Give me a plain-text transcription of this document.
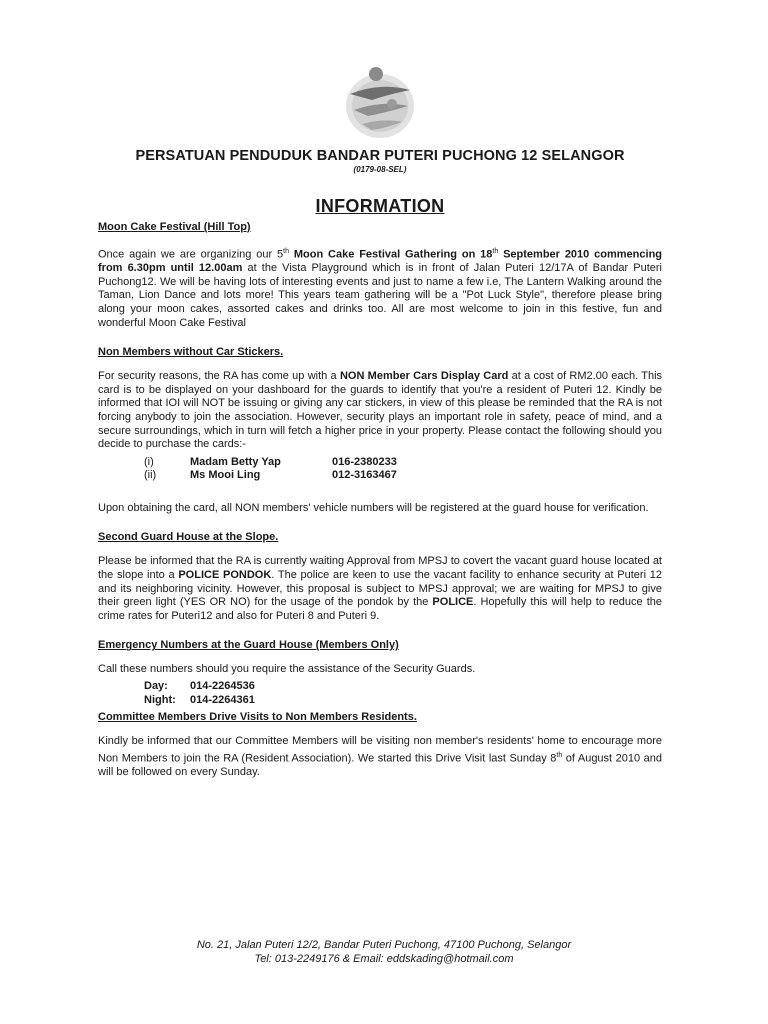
PERSATUAN PENDUDUK BANDAR PUTERI PUCHONG 12 SELANGOR
(0179-08-SEL)
INFORMATION
Moon Cake Festival (Hill Top)
Once again we are organizing our 5th Moon Cake Festival Gathering on 18th September 2010 commencing from 6.30pm until 12.00am at the Vista Playground which is in front of Jalan Puteri 12/17A of Bandar Puteri Puchong12. We will be having lots of interesting events and just to name a few i.e, The Lantern Walking around the Taman, Lion Dance and lots more! This years team gathering will be a "Pot Luck Style", therefore please bring along your moon cakes, assorted cakes and drinks too. All are most welcome to join in this festive, fun and wonderful Moon Cake Festival
Non Members without Car Stickers.
For security reasons, the RA has come up with a NON Member Cars Display Card at a cost of RM2.00 each. This card is to be displayed on your dashboard for the guards to identify that you're a resident of Puteri 12. Kindly be informed that IOI will NOT be issuing or giving any car stickers, in view of this please be reminded that the RA is not forcing anybody to join the association. However, security plays an important role in safety, peace of mind, and a secure surroundings, which in turn will fetch a higher price in your property. Please contact the following should you decide to purchase the cards:-
(i)	Madam Betty Yap	016-2380233
(ii)	Ms Mooi Ling	012-3163467
Upon obtaining the card, all NON members' vehicle numbers will be registered at the guard house for verification.
Second Guard House at the Slope.
Please be informed that the RA is currently waiting Approval from MPSJ to covert the vacant guard house located at the slope into a POLICE PONDOK. The police are keen to use the vacant facility to enhance security at Puteri 12 and its neighboring vicinity. However, this proposal is subject to MPSJ approval; we are waiting for MPSJ to give their green light (YES OR NO) for the usage of the pondok by the POLICE. Hopefully this will help to reduce the crime rates for Puteri12 and also for Puteri 8 and Puteri 9.
Emergency Numbers at the Guard House (Members Only)
Call these numbers should you require the assistance of the Security Guards.
Day:	014-2264536
Night:	014-2264361
Committee Members Drive Visits to Non Members Residents.
Kindly be informed that our Committee Members will be visiting non member's residents' home to encourage more Non Members to join the RA (Resident Association). We started this Drive Visit last Sunday 8th of August 2010 and will be followed on every Sunday.
No. 21, Jalan Puteri 12/2, Bandar Puteri Puchong, 47100 Puchong, Selangor
Tel: 013-2249176 & Email: eddskading@hotmail.com
